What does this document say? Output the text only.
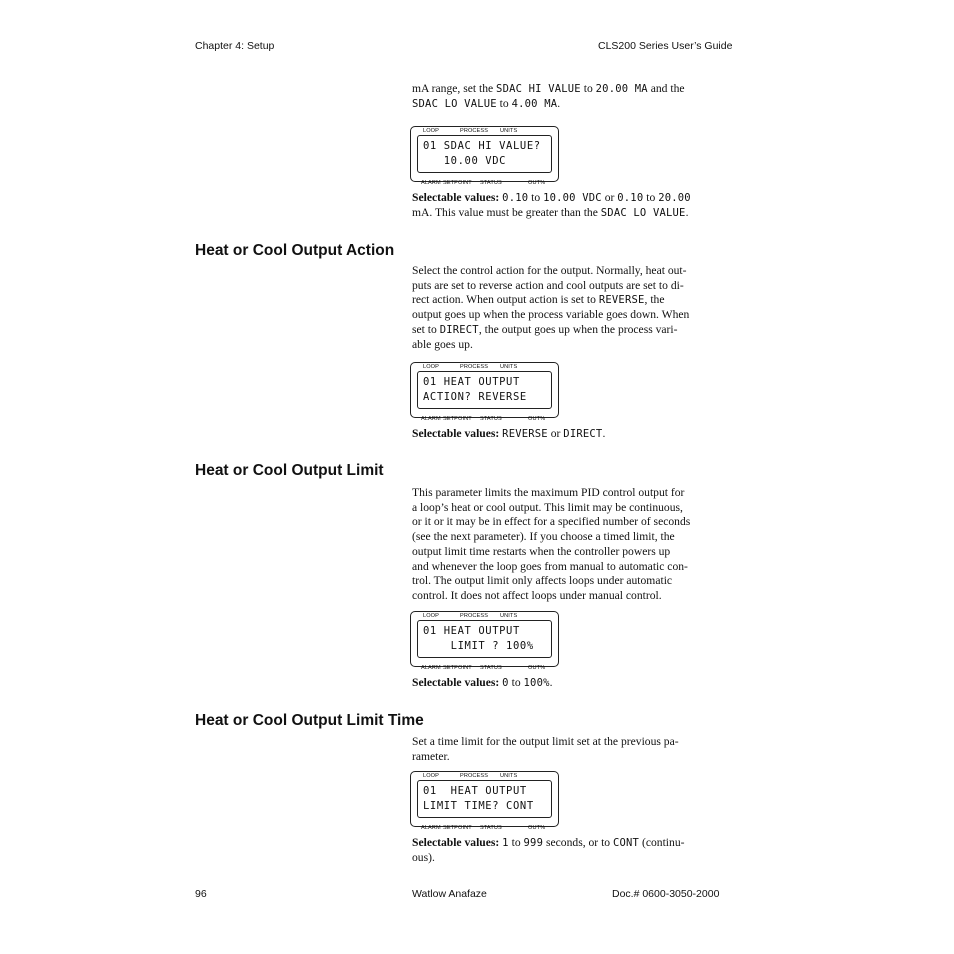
Chapter 4: Setup	CLS200 Series User’s Guide

mA range, set the SDAC HI VALUE to 20.00 MA and the
SDAC LO VALUE to 4.00 MA.

LOOP	PROCESS UNITS
01 SDAC HI VALUE?
10.00 VDC
ALARM SETPOINT STATUS	OUT%

Selectable values: 0.10 to 10.00 VDC or 0.10 to 20.00
mA. This value must be greater than the SDAC LO VALUE.

Heat or Cool Output Action

Select the control action for the output. Normally, heat out-
puts are set to reverse action and cool outputs are set to di-
rect action. When output action is set to REVERSE, the
output goes up when the process variable goes down. When
set to DIRECT, the output goes up when the process vari-
able goes up.

LOOP	PROCESS UNITS
01 HEAT OUTPUT
ACTION? REVERSE
ALARM SETPOINT STATUS	OUT%

Selectable values: REVERSE or DIRECT.

Heat or Cool Output Limit

This parameter limits the maximum PID control output for
a loop’s heat or cool output. This limit may be continuous,
or it or it may be in effect for a specified number of seconds
(see the next parameter). If you choose a timed limit, the
output limit time restarts when the controller powers up
and whenever the loop goes from manual to automatic con-
trol. The output limit only affects loops under automatic
control. It does not affect loops under manual control.

LOOP	PROCESS UNITS
01 HEAT OUTPUT
LIMIT ? 100%
ALARM SETPOINT STATUS	OUT%

Selectable values: 0 to 100%.

Heat or Cool Output Limit Time

Set a time limit for the output limit set at the previous pa-
rameter.

LOOP	PROCESS UNITS
01  HEAT OUTPUT
LIMIT TIME? CONT
ALARM SETPOINT STATUS	OUT%

Selectable values: 1 to 999 seconds, or to CONT (continu-
ous).

96	Watlow Anafaze	Doc.# 0600-3050-2000
